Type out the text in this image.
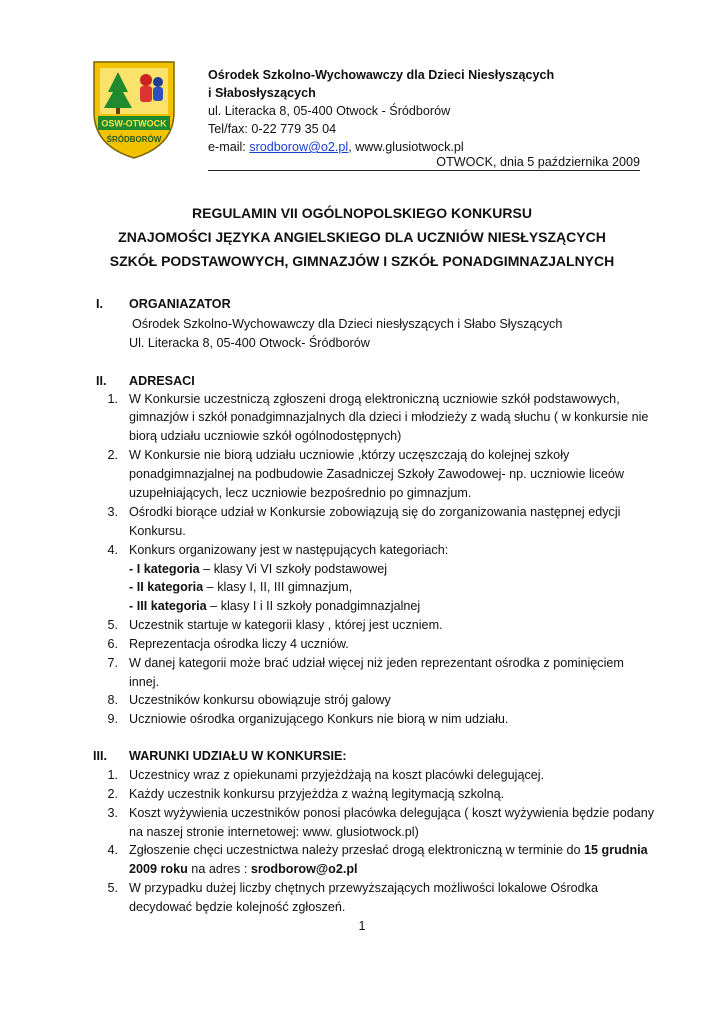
OSW-OTWOCK
ŚRÓDBORÓW
Ośrodek Szkolno-Wychowawczy dla Dzieci Niesłyszących
i Słabosłyszących
ul. Literacka 8, 05-400 Otwock - Śródborów
Tel/fax: 0-22 779 35 04
e-mail: srodborow@o2.pl, www.glusiotwock.pl
OTWOCK, dnia 5 października 2009
REGULAMIN VII OGÓLNOPOLSKIEGO KONKURSU
ZNAJOMOŚCI JĘZYKA ANGIELSKIEGO DLA UCZNIÓW NIESŁYSZĄCYCH
SZKÓŁ PODSTAWOWYCH, GIMNAZJÓW I SZKÓŁ PONADGIMNAZJALNYCH
I. ORGANIAZATOR
Ośrodek Szkolno-Wychowawczy dla Dzieci niesłyszących i Słabo Słyszących
Ul. Literacka 8, 05-400 Otwock- Śródborów
II. ADRESACI
1. W Konkursie uczestniczą zgłoszeni drogą elektroniczną uczniowie szkół podstawowych,
gimnazjów i szkół ponadgimnazjalnych dla dzieci i młodzieży z wadą słuchu ( w konkursie nie
biorą udziału uczniowie szkół ogólnodostępnych)
2. W Konkursie nie biorą udziału uczniowie ,którzy uczęszczają do kolejnej szkoły
ponadgimnazjalnej na podbudowie Zasadniczej Szkoły Zawodowej- np. uczniowie liceów
uzupełniających, lecz uczniowie bezpośrednio po gimnazjum.
3. Ośrodki biorące udział w Konkursie zobowiązują się do zorganizowania następnej edycji
Konkursu.
4. Konkurs organizowany jest w następujących kategoriach:
- I kategoria – klasy Vi VI szkoły podstawowej
- II kategoria – klasy I, II, III gimnazjum,
- III kategoria – klasy I i II szkoły ponadgimnazjalnej
5. Uczestnik startuje w kategorii klasy , której jest uczniem.
6. Reprezentacja ośrodka liczy 4 uczniów.
7. W danej kategorii może brać udział więcej niż jeden reprezentant ośrodka z pominięciem
innej.
8. Uczestników konkursu obowiązuje strój galowy
9. Uczniowie ośrodka organizującego Konkurs nie biorą w nim udziału.
III. WARUNKI UDZIAŁU W KONKURSIE:
1. Uczestnicy wraz z opiekunami przyjeżdżają na koszt placówki delegującej.
2. Każdy uczestnik konkursu przyjeżdża z ważną legitymacją szkolną.
3. Koszt wyżywienia uczestników ponosi placówka delegująca ( koszt wyżywienia będzie podany
na naszej stronie internetowej: www. glusiotwock.pl)
4. Zgłoszenie chęci uczestnictwa należy przesłać drogą elektroniczną w terminie do 15 grudnia
2009 roku na adres : srodborow@o2.pl
5. W przypadku dużej liczby chętnych przewyższających możliwości lokalowe Ośrodka
decydować będzie kolejność zgłoszeń.
1
